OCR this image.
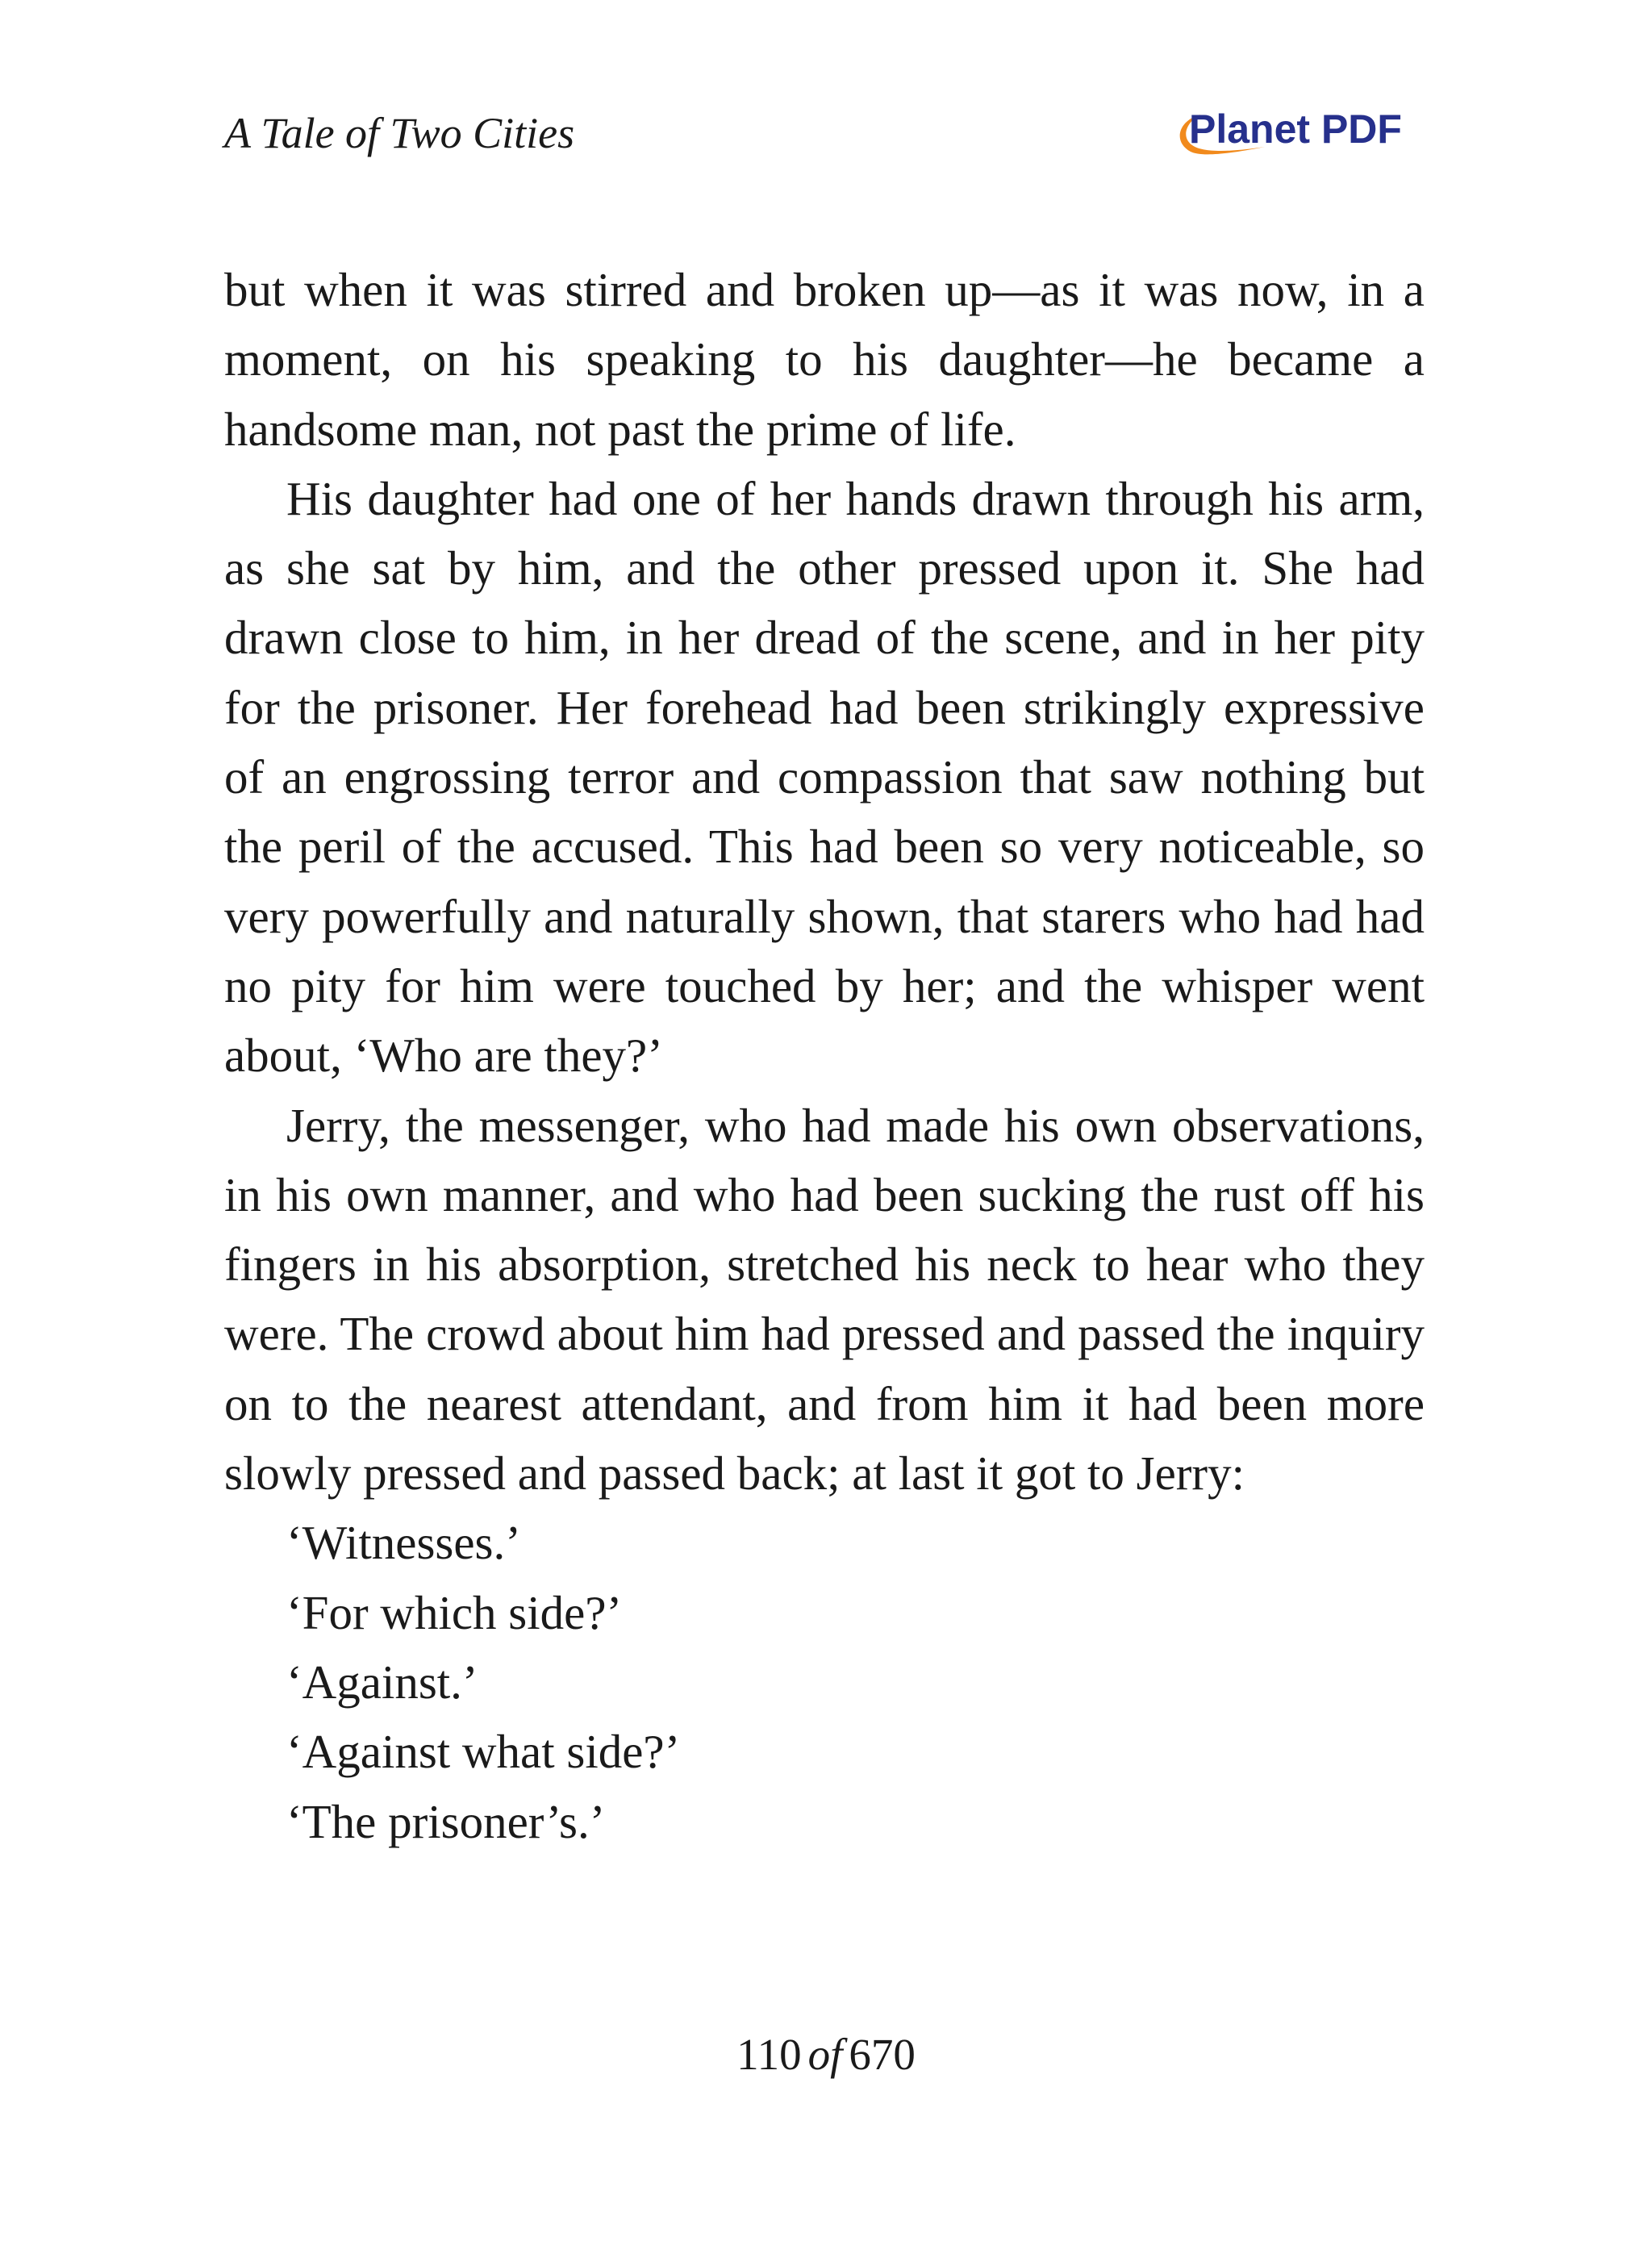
A Tale of Two Cities	Planet PDF

but when it was stirred and broken up—as it was now, in a moment, on his speaking to his daughter—he became a handsome man, not past the prime of life.

His daughter had one of her hands drawn through his arm, as she sat by him, and the other pressed upon it. She had drawn close to him, in her dread of the scene, and in her pity for the prisoner. Her forehead had been strikingly expressive of an engrossing terror and compassion that saw nothing but the peril of the accused. This had been so very noticeable, so very powerfully and naturally shown, that starers who had had no pity for him were touched by her; and the whisper went about, ‘Who are they?’

Jerry, the messenger, who had made his own observations, in his own manner, and who had been sucking the rust off his fingers in his absorption, stretched his neck to hear who they were. The crowd about him had pressed and passed the inquiry on to the nearest attendant, and from him it had been more slowly pressed and passed back; at last it got to Jerry:

‘Witnesses.’

‘For which side?’

‘Against.’

‘Against what side?’

‘The prisoner’s.’

110 of 670
